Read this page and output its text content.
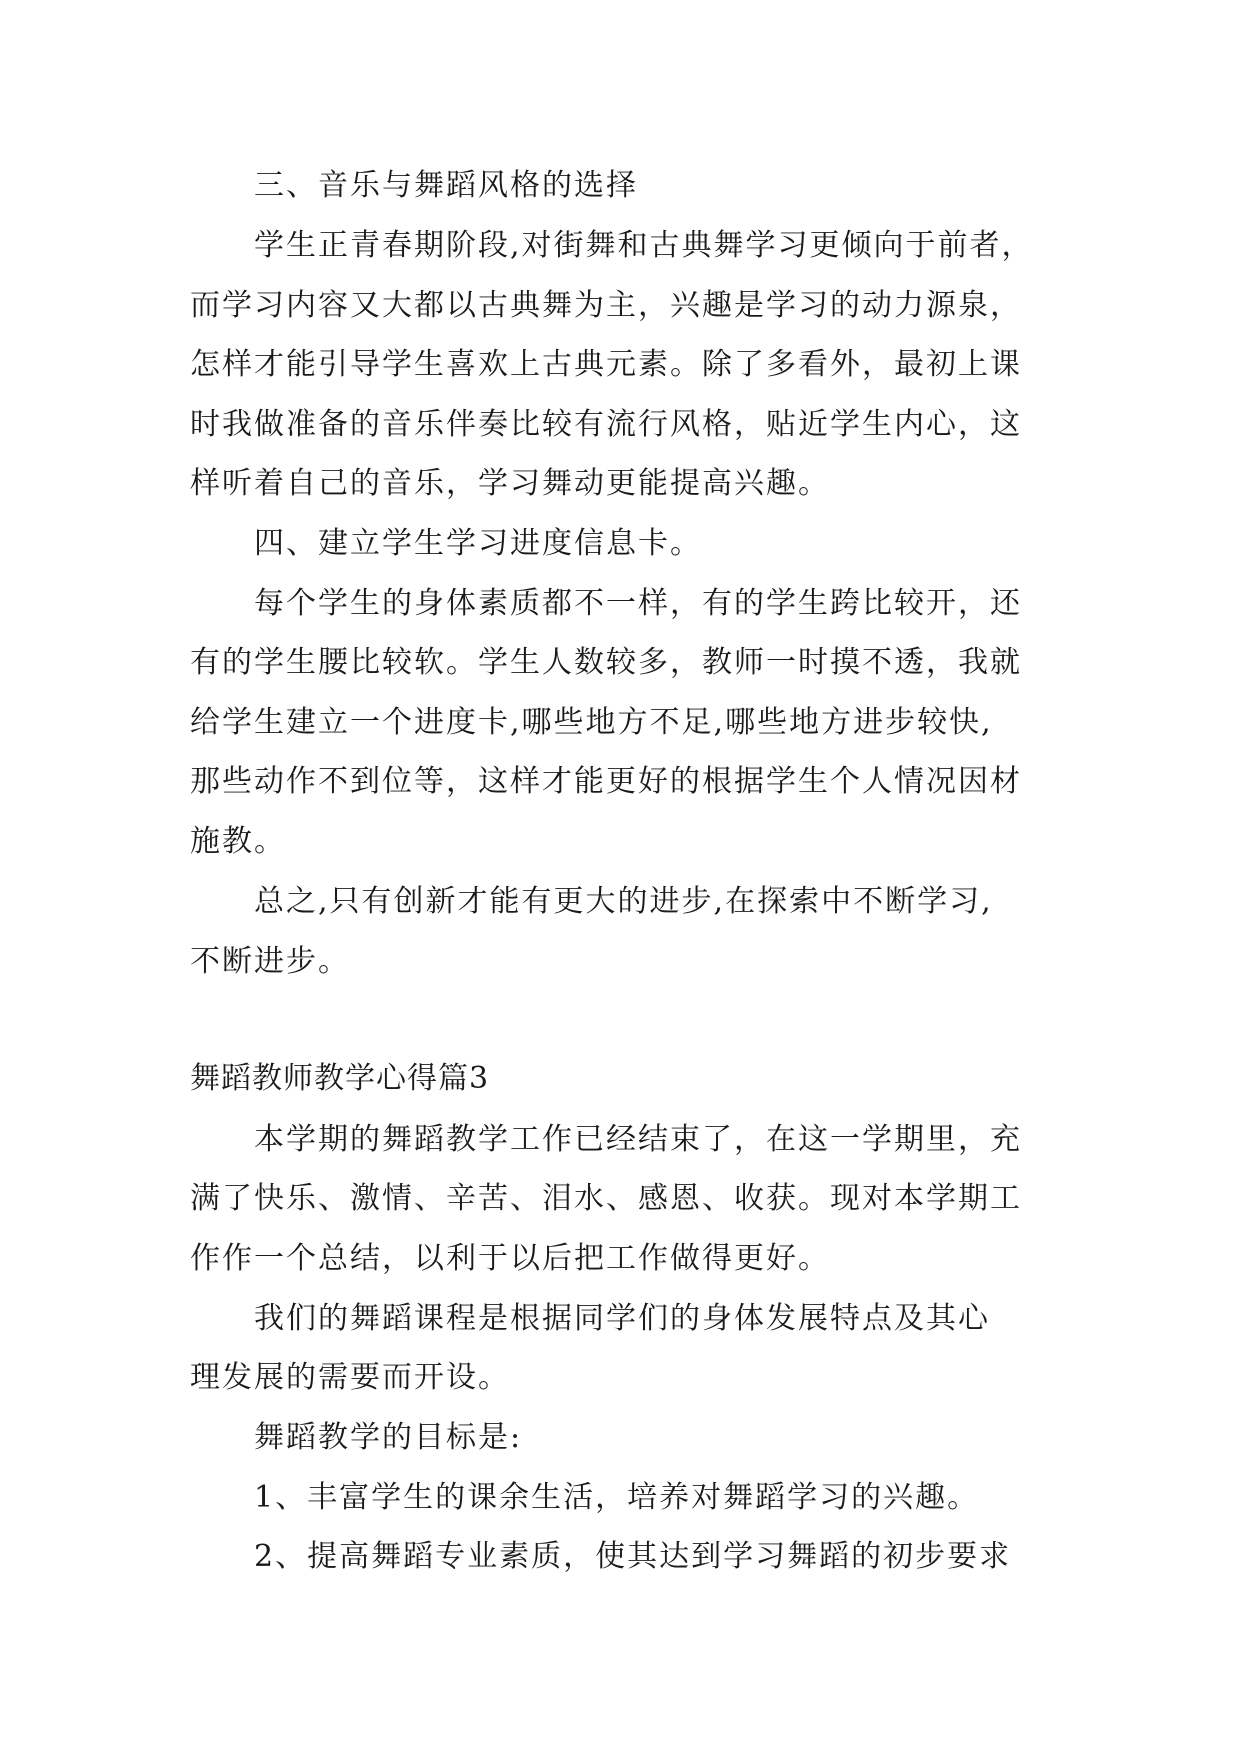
三、音乐与舞蹈风格的选择
学生正青春期阶段,对街舞和古典舞学习更倾向于前者，
而学习内容又大都以古典舞为主，兴趣是学习的动力源泉，
怎样才能引导学生喜欢上古典元素。除了多看外，最初上课
时我做准备的音乐伴奏比较有流行风格，贴近学生内心，这
样听着自己的音乐，学习舞动更能提高兴趣。
四、建立学生学习进度信息卡。
每个学生的身体素质都不一样，有的学生跨比较开，还
有的学生腰比较软。学生人数较多，教师一时摸不透，我就
给学生建立一个进度卡,哪些地方不足,哪些地方进步较快,
那些动作不到位等，这样才能更好的根据学生个人情况因材
施教。
总之,只有创新才能有更大的进步,在探索中不断学习,
不断进步。
舞蹈教师教学心得篇3
本学期的舞蹈教学工作已经结束了，在这一学期里，充
满了快乐、激情、辛苦、泪水、感恩、收获。现对本学期工
作作一个总结，以利于以后把工作做得更好。
我们的舞蹈课程是根据同学们的身体发展特点及其心
理发展的需要而开设。
舞蹈教学的目标是:
1、丰富学生的课余生活，培养对舞蹈学习的兴趣。
2、提高舞蹈专业素质，使其达到学习舞蹈的初步要求
